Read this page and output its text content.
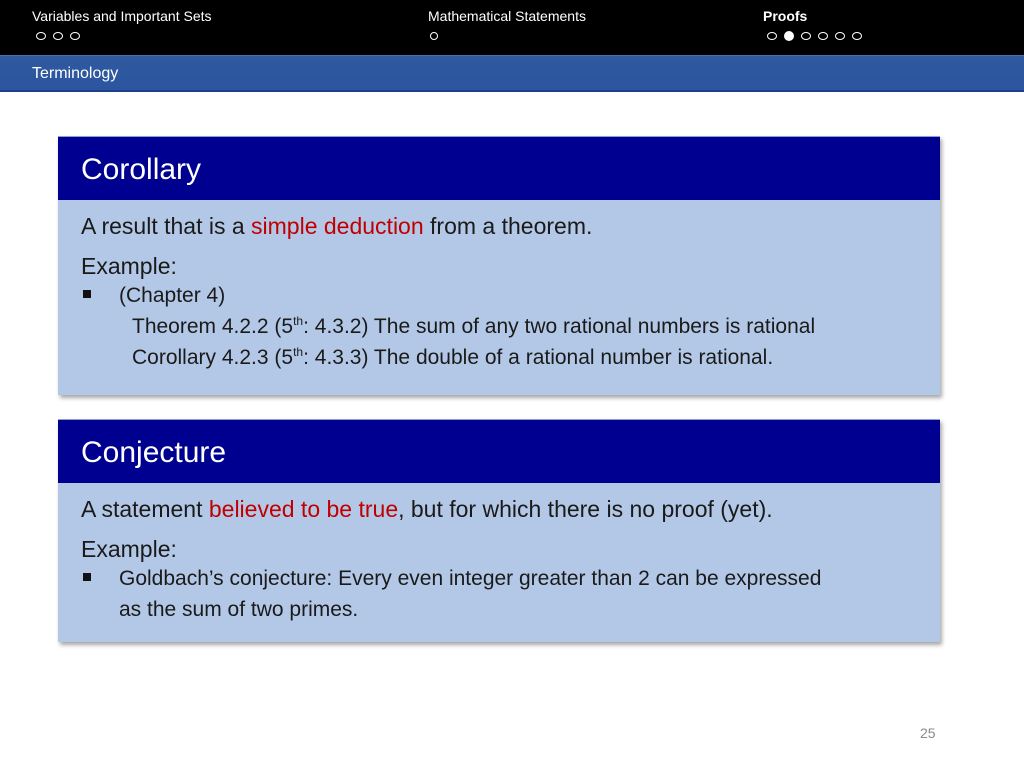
Variables and Important Sets	Mathematical Statements	Proofs
Terminology
Corollary

A result that is a simple deduction from a theorem.

Example:

(Chapter 4)
Theorem 4.2.2 (5th: 4.3.2) The sum of any two rational numbers is rational
Corollary 4.2.3 (5th: 4.3.3) The double of a rational number is rational.
Conjecture

A statement believed to be true, but for which there is no proof (yet).

Example:

Goldbach’s conjecture: Every even integer greater than 2 can be expressed
as the sum of two primes.
25
